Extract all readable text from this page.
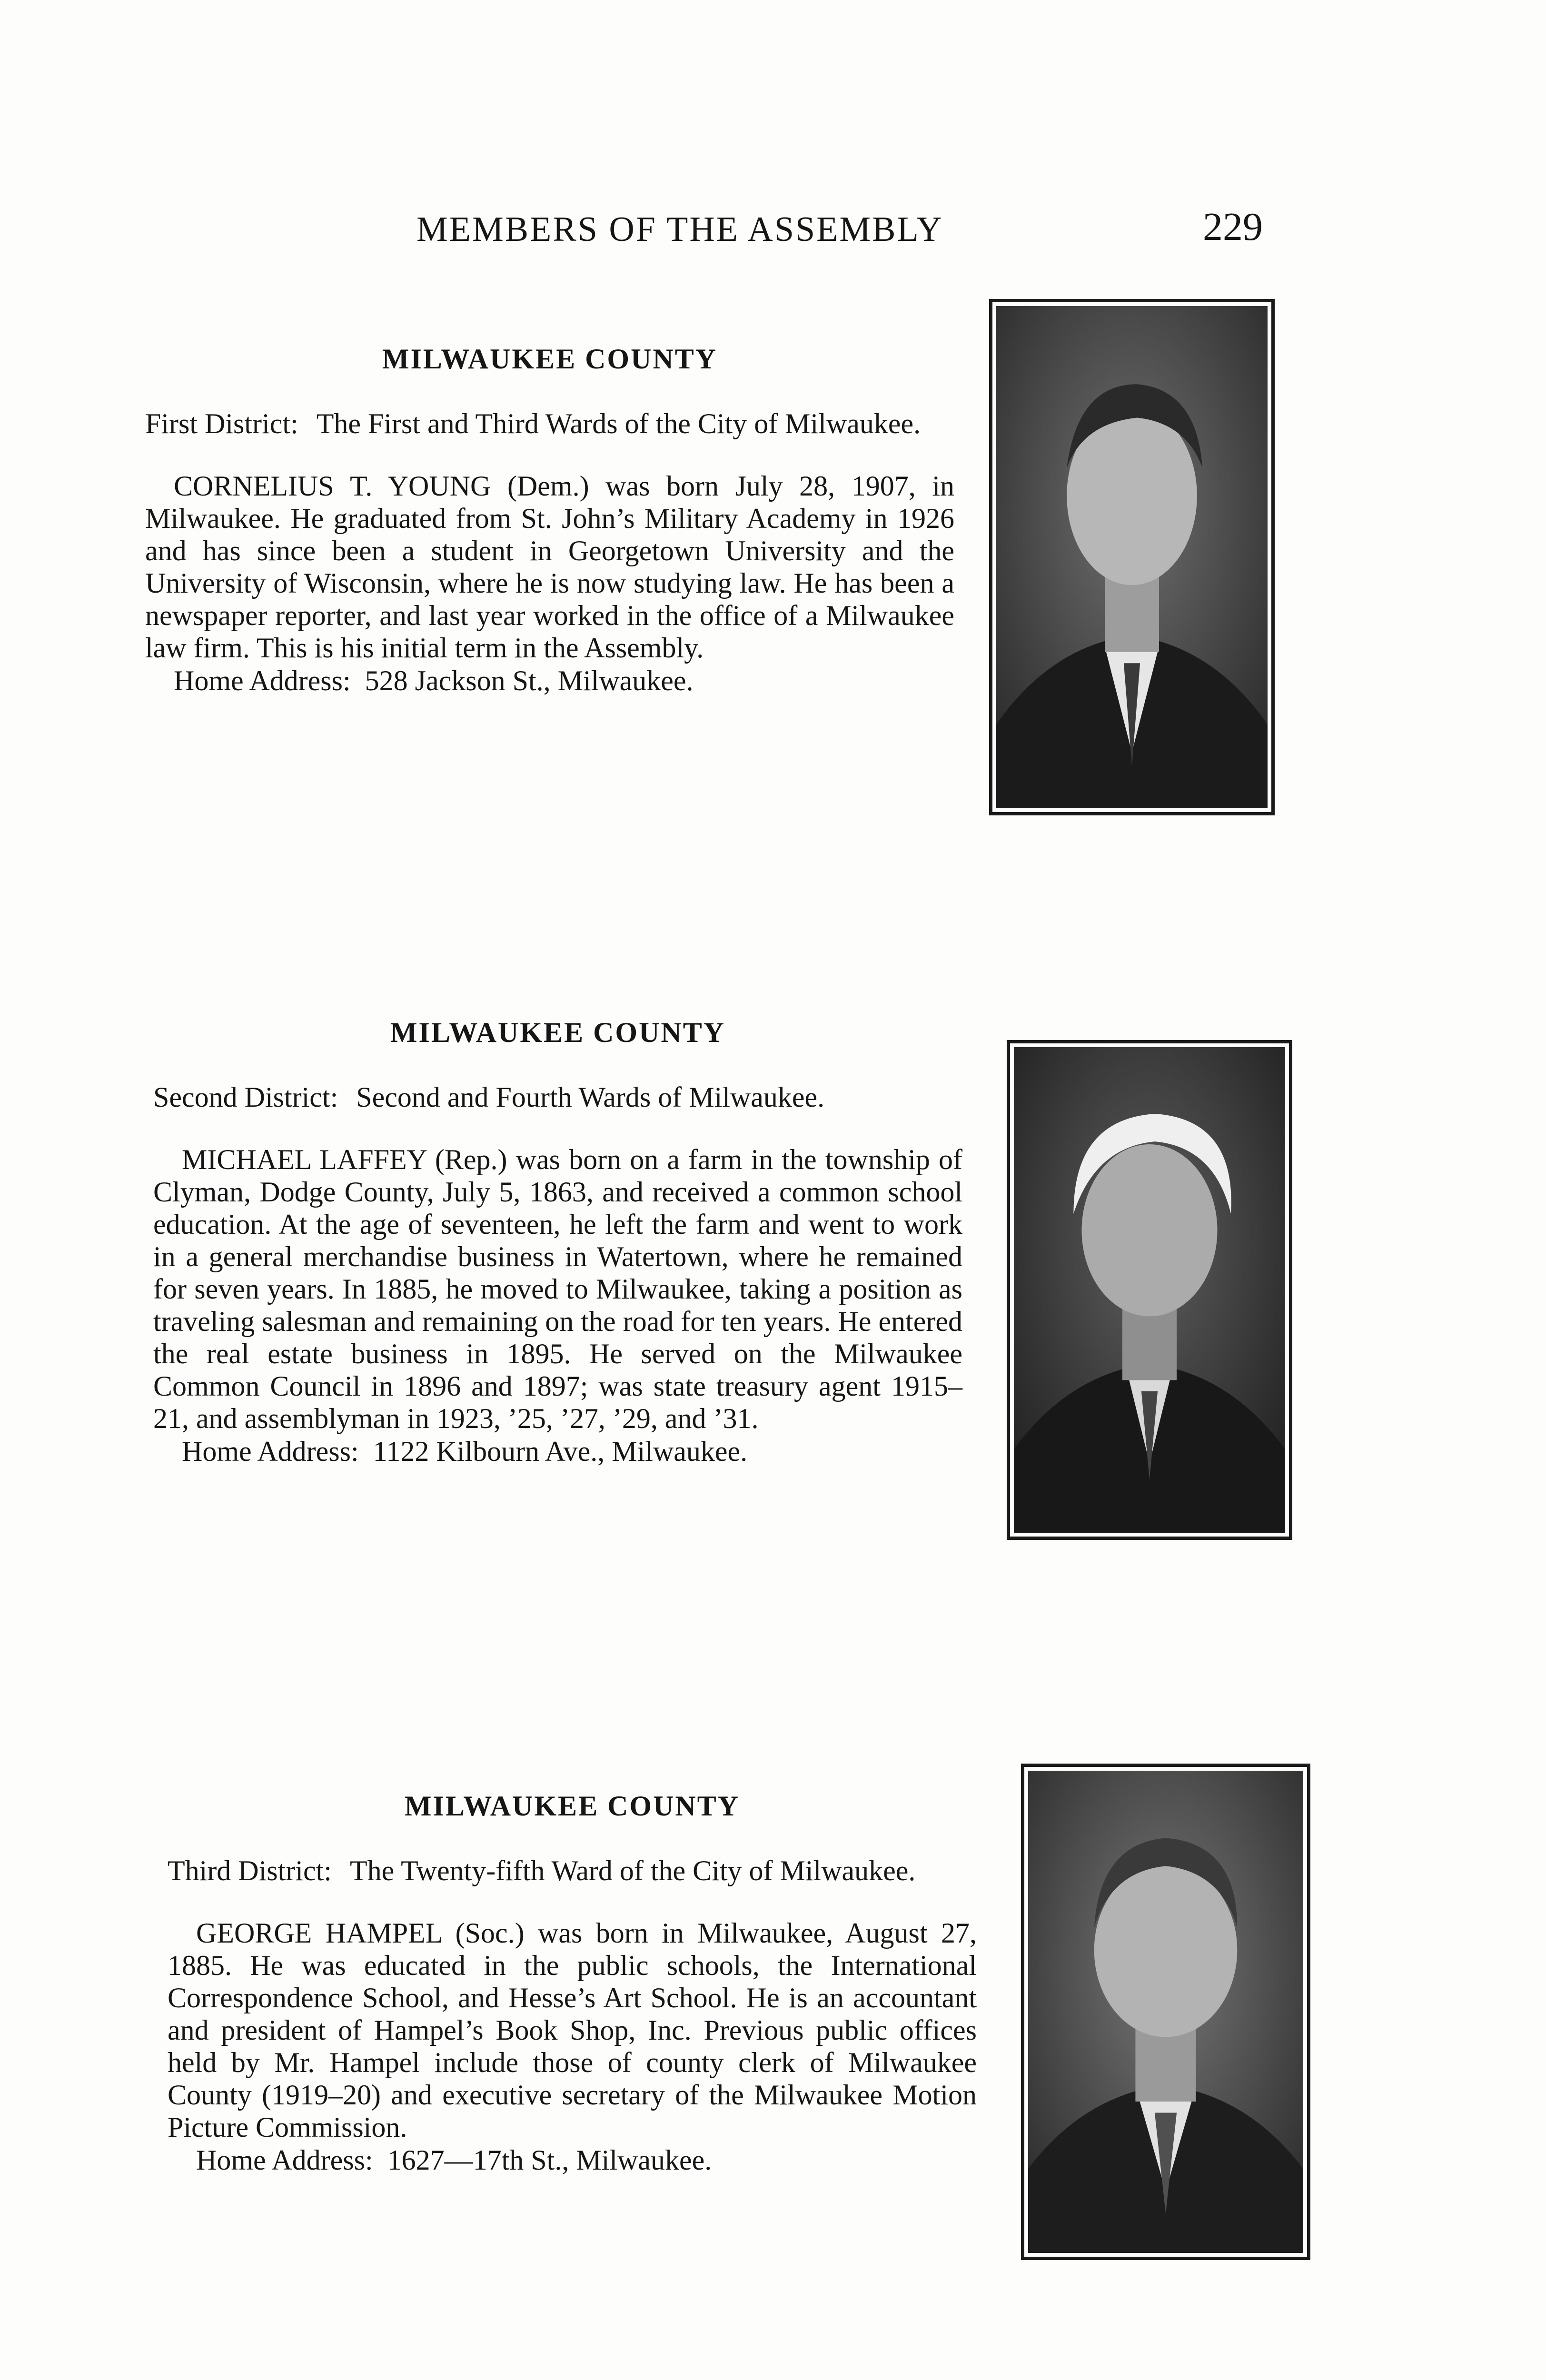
MEMBERS OF THE ASSEMBLY	229
MILWAUKEE COUNTY
First District: The First and Third Wards of the City of Milwaukee.

CORNELIUS T. YOUNG (Dem.) was born July 28, 1907, in Milwaukee. He graduated from St. John’s Military Academy in 1926 and has since been a student in Georgetown University and the University of Wisconsin, where he is now studying law. He has been a newspaper reporter, and last year worked in the office of a Milwaukee law firm. This is his initial term in the Assembly.

Home Address: 528 Jackson St., Milwaukee.

MILWAUKEE COUNTY
Second District: Second and Fourth Wards of Milwaukee.

MICHAEL LAFFEY (Rep.) was born on a farm in the township of Clyman, Dodge County, July 5, 1863, and received a common school education. At the age of seventeen, he left the farm and went to work in a general merchandise business in Watertown, where he remained for seven years. In 1885, he moved to Milwaukee, taking a position as traveling salesman and remaining on the road for ten years. He entered the real estate business in 1895. He served on the Milwaukee Common Council in 1896 and 1897; was state treasury agent 1915–21, and assemblyman in 1923, ’25, ’27, ’29, and ’31.

Home Address: 1122 Kilbourn Ave., Milwaukee.

MILWAUKEE COUNTY
Third District: The Twenty-fifth Ward of the City of Milwaukee.

GEORGE HAMPEL (Soc.) was born in Milwaukee, August 27, 1885. He was educated in the public schools, the International Correspondence School, and Hesse’s Art School. He is an accountant and president of Hampel’s Book Shop, Inc. Previous public offices held by Mr. Hampel include those of county clerk of Milwaukee County (1919–20) and executive secretary of the Milwaukee Motion Picture Commission.

Home Address: 1627—17th St., Milwaukee.
